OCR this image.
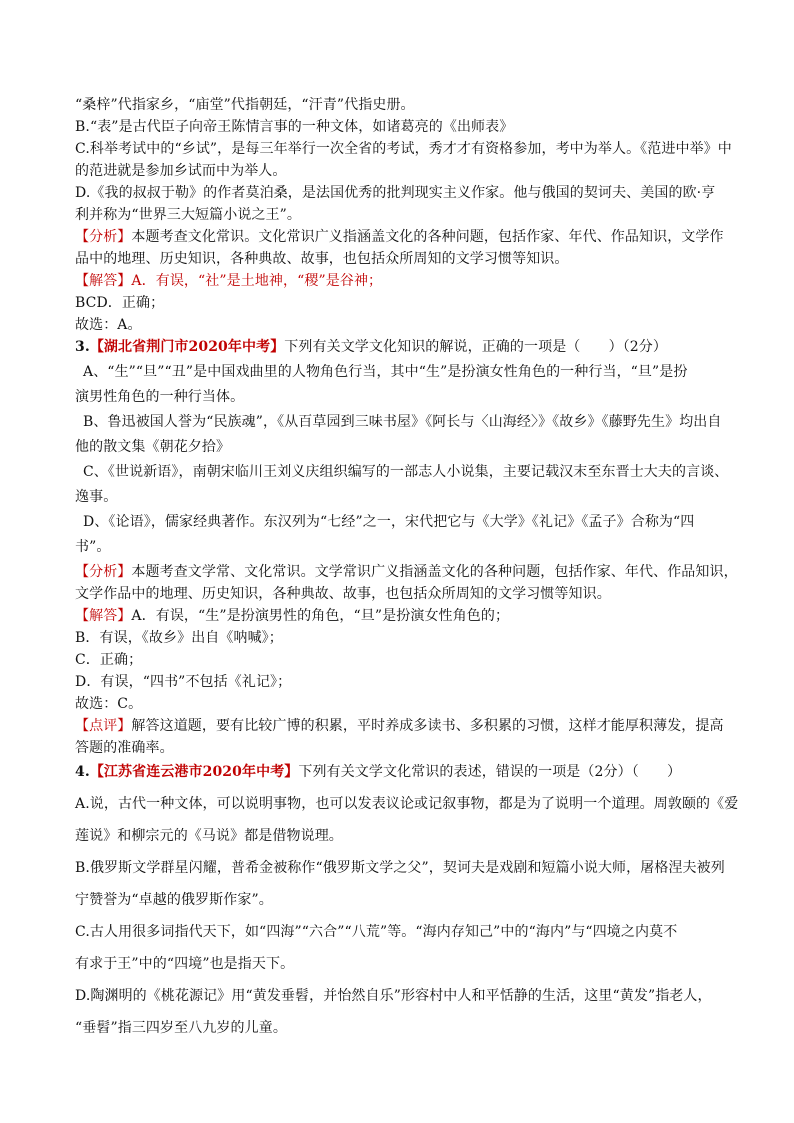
“桑梓”代指家乡，“庙堂”代指朝廷，“汗青”代指史册。
B.“表”是古代臣子向帝王陈情言事的一种文体，如诸葛亮的《出师表》
C.科举考试中的“乡试”，是每三年举行一次全省的考试，秀才才有资格参加，考中为举人。《范进中举》中
的范进就是参加乡试而中为举人。
D.《我的叔叔于勒》的作者莫泊桑，是法国优秀的批判现实主义作家。他与俄国的契诃夫、美国的欧·亨
利并称为“世界三大短篇小说之王”。
【分析】本题考查文化常识。文化常识广义指涵盖文化的各种问题，包括作家、年代、作品知识，文学作
品中的地理、历史知识，各种典故、故事，也包括众所周知的文学习惯等知识。
【解答】A．有误，“社”是土地神，“稷”是谷神；
BCD．正确；
故选：A。
3.【湖北省荆门市2020年中考】下列有关文学文化知识的解说，正确的一项是（　　）（2分）
A、“生”“旦”“丑”是中国戏曲里的人物角色行当，其中“生”是扮演女性角色的一种行当，“旦”是扮
演男性角色的一种行当体。
B、鲁迅被国人誉为“民族魂”，《从百草园到三味书屋》《阿长与〈山海经〉》《故乡》《藤野先生》均出自
他的散文集《朝花夕拾》
C、《世说新语》，南朝宋临川王刘义庆组织编写的一部志人小说集，主要记载汉末至东晋士大夫的言谈、
逸事。
D、《论语》，儒家经典著作。东汉列为“七经”之一，宋代把它与《大学》《礼记》《孟子》合称为“四
书”。
【分析】本题考查文学常、文化常识。文学常识广义指涵盖文化的各种问题，包括作家、年代、作品知识，
文学作品中的地理、历史知识，各种典故、故事，也包括众所周知的文学习惯等知识。
【解答】A．有误，“生”是扮演男性的角色，“旦”是扮演女性角色的；
B．有误，《故乡》出自《呐喊》；
C．正确；
D．有误，“四书”不包括《礼记》；
故选：C。
【点评】解答这道题，要有比较广博的积累，平时养成多读书、多积累的习惯，这样才能厚积薄发，提高
答题的准确率。
4.【江苏省连云港市2020年中考】下列有关文学文化常识的表述，错误的一项是（2分）（　　）
A.说，古代一种文体，可以说明事物，也可以发表议论或记叙事物，都是为了说明一个道理。周敦颐的《爱
莲说》和柳宗元的《马说》都是借物说理。
B.俄罗斯文学群星闪耀，普希金被称作“俄罗斯文学之父”，契诃夫是戏剧和短篇小说大师，屠格涅夫被列
宁赞誉为“卓越的俄罗斯作家”。
C.古人用很多词指代天下，如“四海”“六合”“八荒”等。“海内存知己”中的“海内”与“四境之内莫不
有求于王”中的“四境”也是指天下。
D.陶渊明的《桃花源记》用“黄发垂髫，并怡然自乐”形容村中人和平恬静的生活，这里“黄发”指老人，
“垂髫”指三四岁至八九岁的儿童。
